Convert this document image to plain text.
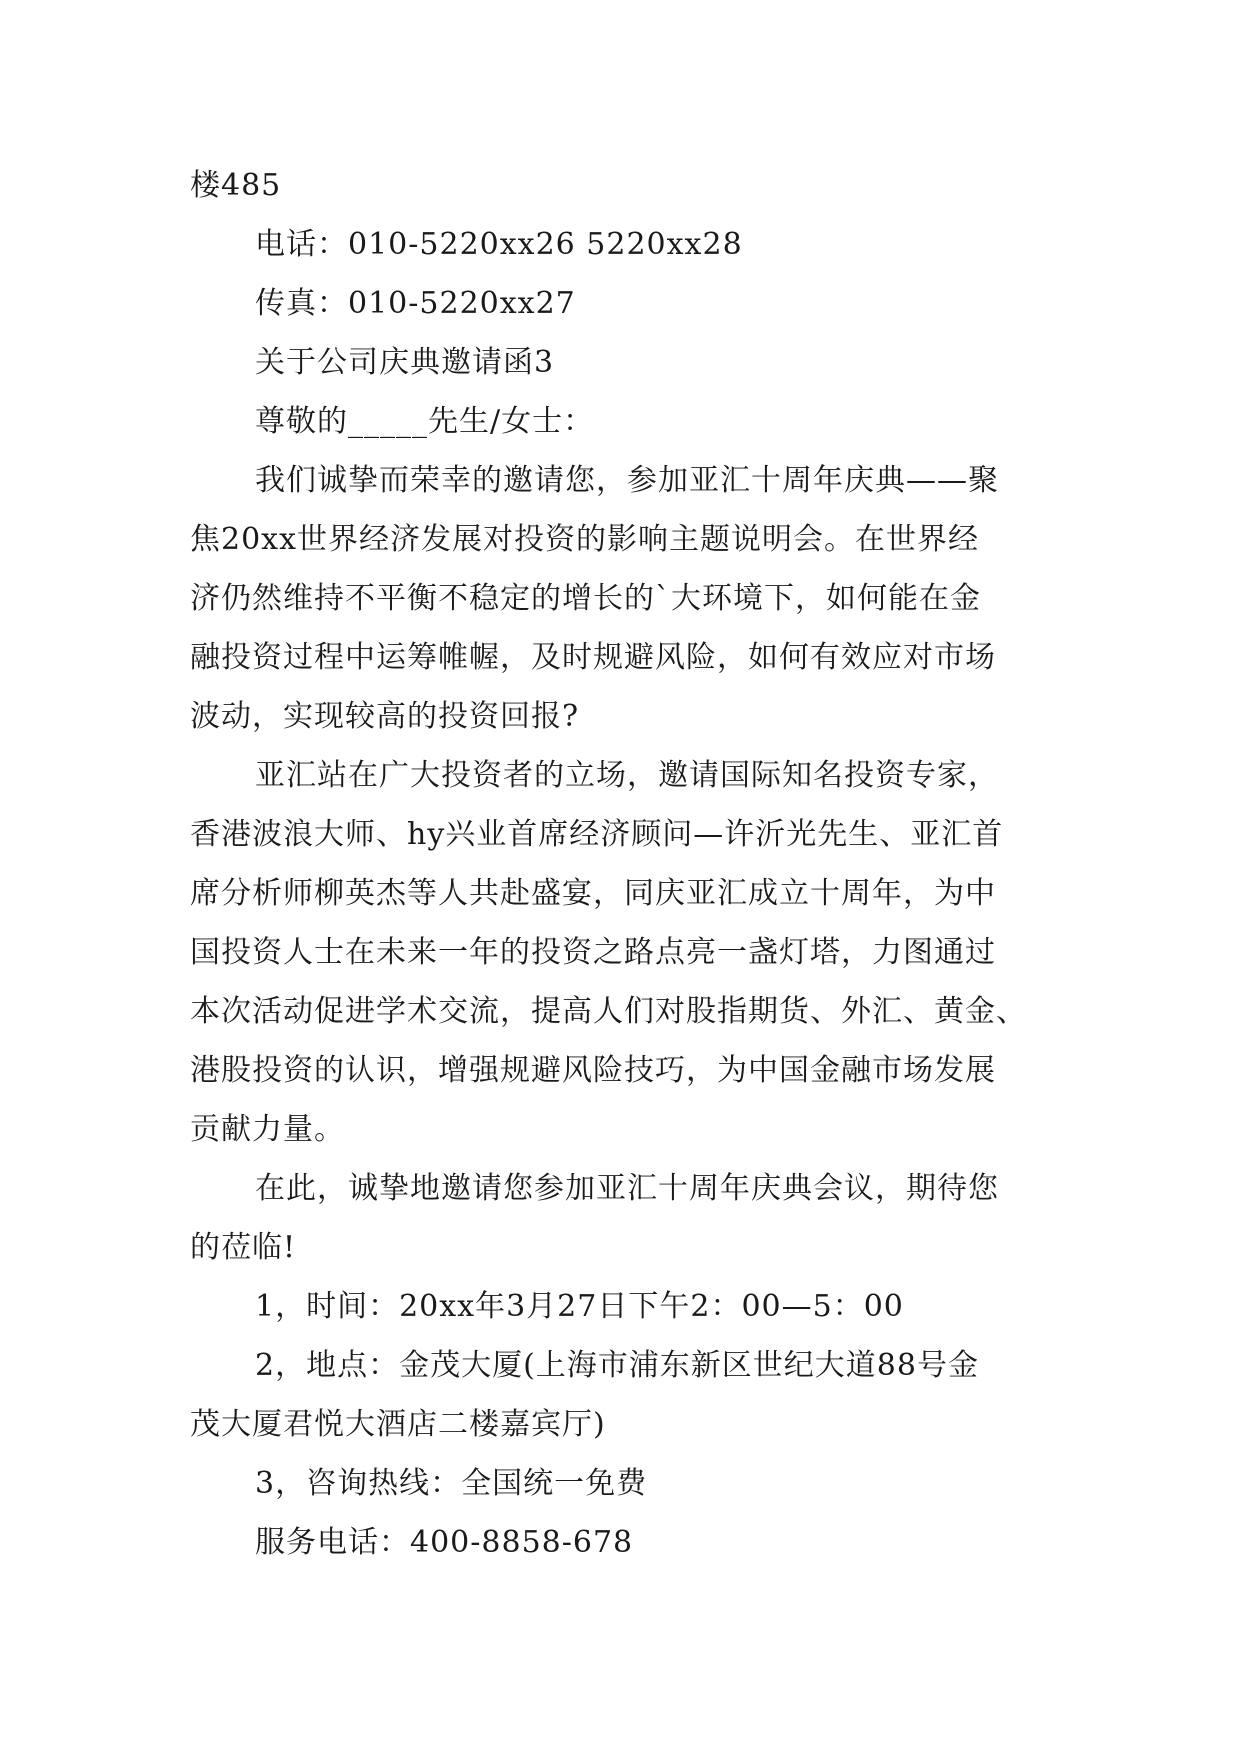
楼485
电话：010-5220xx26 5220xx28
传真：010-5220xx27
关于公司庆典邀请函3
尊敬的_____先生/女士：
我们诚挚而荣幸的邀请您，参加亚汇十周年庆典——聚
焦20xx世界经济发展对投资的影响主题说明会。在世界经
济仍然维持不平衡不稳定的增长的`大环境下，如何能在金
融投资过程中运筹帷幄，及时规避风险，如何有效应对市场
波动，实现较高的投资回报?
亚汇站在广大投资者的立场，邀请国际知名投资专家，
香港波浪大师、hy兴业首席经济顾问—许沂光先生、亚汇首
席分析师柳英杰等人共赴盛宴，同庆亚汇成立十周年，为中
国投资人士在未来一年的投资之路点亮一盏灯塔，力图通过
本次活动促进学术交流，提高人们对股指期货、外汇、黄金、
港股投资的认识，增强规避风险技巧，为中国金融市场发展
贡献力量。
在此，诚挚地邀请您参加亚汇十周年庆典会议，期待您
的莅临!
1，时间：20xx年3月27日下午2：00—5：00
2，地点：金茂大厦(上海市浦东新区世纪大道88号金
茂大厦君悦大酒店二楼嘉宾厅)
3，咨询热线：全国统一免费
服务电话：400-8858-678
